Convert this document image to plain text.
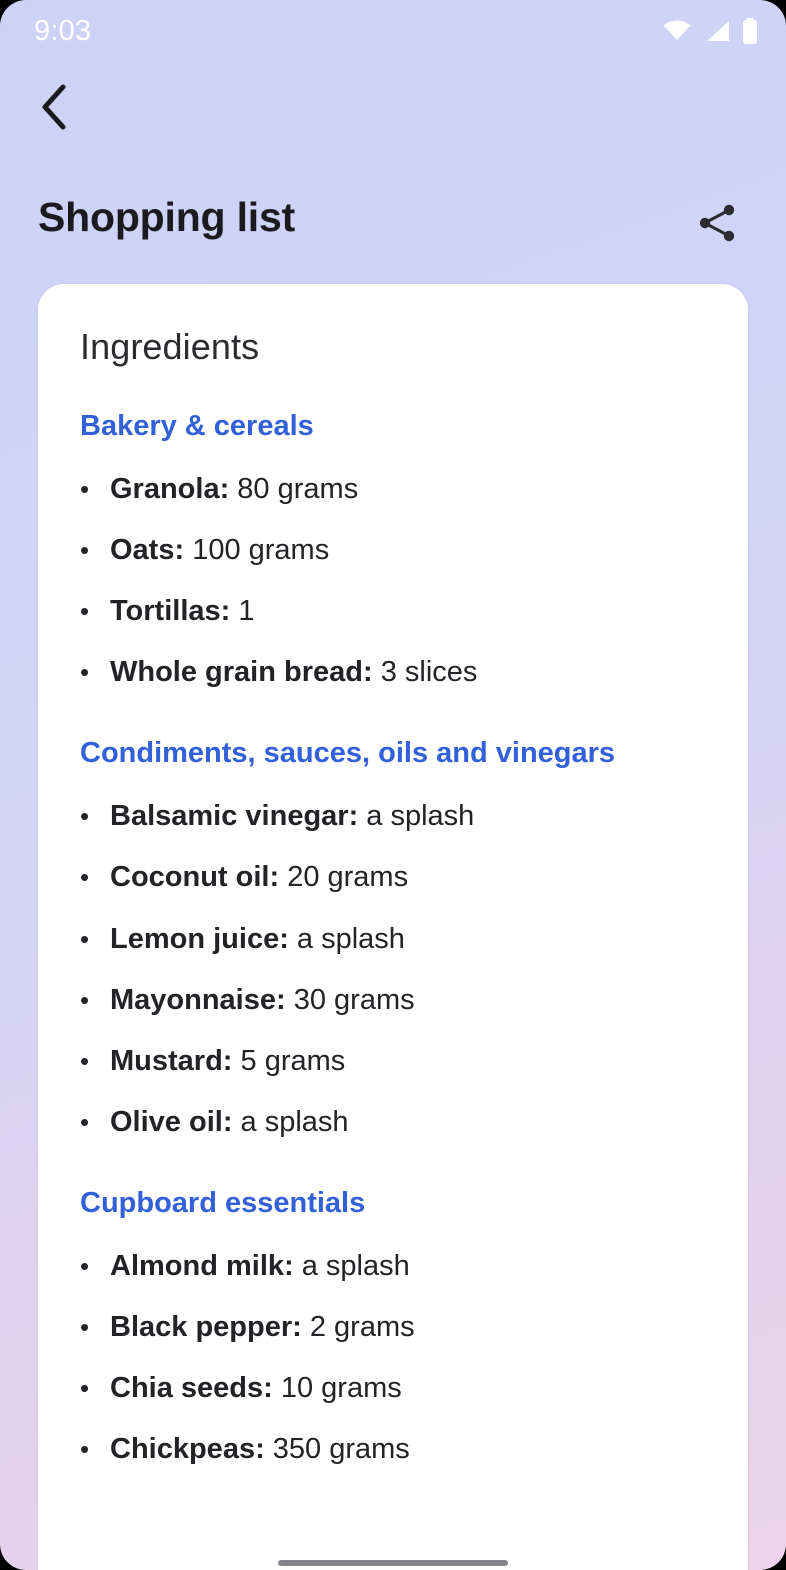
9:03
Shopping list
Ingredients
Bakery & cereals
• Granola: 80 grams
• Oats: 100 grams
• Tortillas: 1
• Whole grain bread: 3 slices
Condiments, sauces, oils and vinegars
• Balsamic vinegar: a splash
• Coconut oil: 20 grams
• Lemon juice: a splash
• Mayonnaise: 30 grams
• Mustard: 5 grams
• Olive oil: a splash
Cupboard essentials
• Almond milk: a splash
• Black pepper: 2 grams
• Chia seeds: 10 grams
• Chickpeas: 350 grams
